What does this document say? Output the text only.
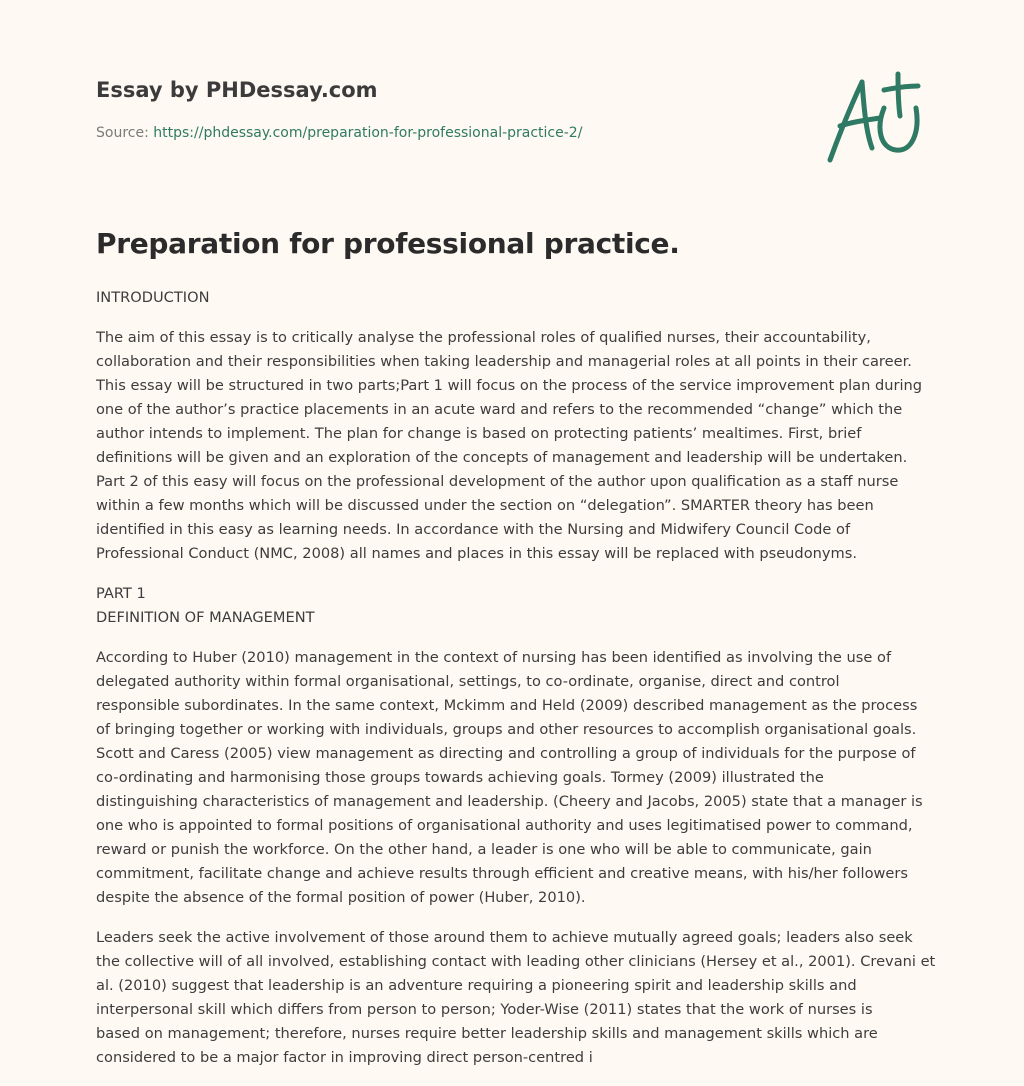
Essay by PHDessay.com
Source: https://phdessay.com/preparation-for-professional-practice-2/
Preparation for professional practice.

INTRODUCTION

The aim of this essay is to critically analyse the professional roles of qualified nurses, their accountability,
collaboration and their responsibilities when taking leadership and managerial roles at all points in their career.
This essay will be structured in two parts;Part 1 will focus on the process of the service improvement plan during
one of the author’s practice placements in an acute ward and refers to the recommended “change” which the
author intends to implement. The plan for change is based on protecting patients’ mealtimes. First, brief
definitions will be given and an exploration of the concepts of management and leadership will be undertaken.
Part 2 of this easy will focus on the professional development of the author upon qualification as a staff nurse
within a few months which will be discussed under the section on “delegation”. SMARTER theory has been
identified in this easy as learning needs. In accordance with the Nursing and Midwifery Council Code of
Professional Conduct (NMC, 2008) all names and places in this essay will be replaced with pseudonyms.

PART 1
DEFINITION OF MANAGEMENT

According to Huber (2010) management in the context of nursing has been identified as involving the use of
delegated authority within formal organisational, settings, to co-ordinate, organise, direct and control
responsible subordinates. In the same context, Mckimm and Held (2009) described management as the process
of bringing together or working with individuals, groups and other resources to accomplish organisational goals.
Scott and Caress (2005) view management as directing and controlling a group of individuals for the purpose of
co-ordinating and harmonising those groups towards achieving goals. Tormey (2009) illustrated the
distinguishing characteristics of management and leadership. (Cheery and Jacobs, 2005) state that a manager is
one who is appointed to formal positions of organisational authority and uses legitimatised power to command,
reward or punish the workforce. On the other hand, a leader is one who will be able to communicate, gain
commitment, facilitate change and achieve results through efficient and creative means, with his/her followers
despite the absence of the formal position of power (Huber, 2010).

Leaders seek the active involvement of those around them to achieve mutually agreed goals; leaders also seek
the collective will of all involved, establishing contact with leading other clinicians (Hersey et al., 2001). Crevani et
al. (2010) suggest that leadership is an adventure requiring a pioneering spirit and leadership skills and
interpersonal skill which differs from person to person; Yoder-Wise (2011) states that the work of nurses is
based on management; therefore, nurses require better leadership skills and management skills which are
considered to be a major factor in improving direct person-centred i
